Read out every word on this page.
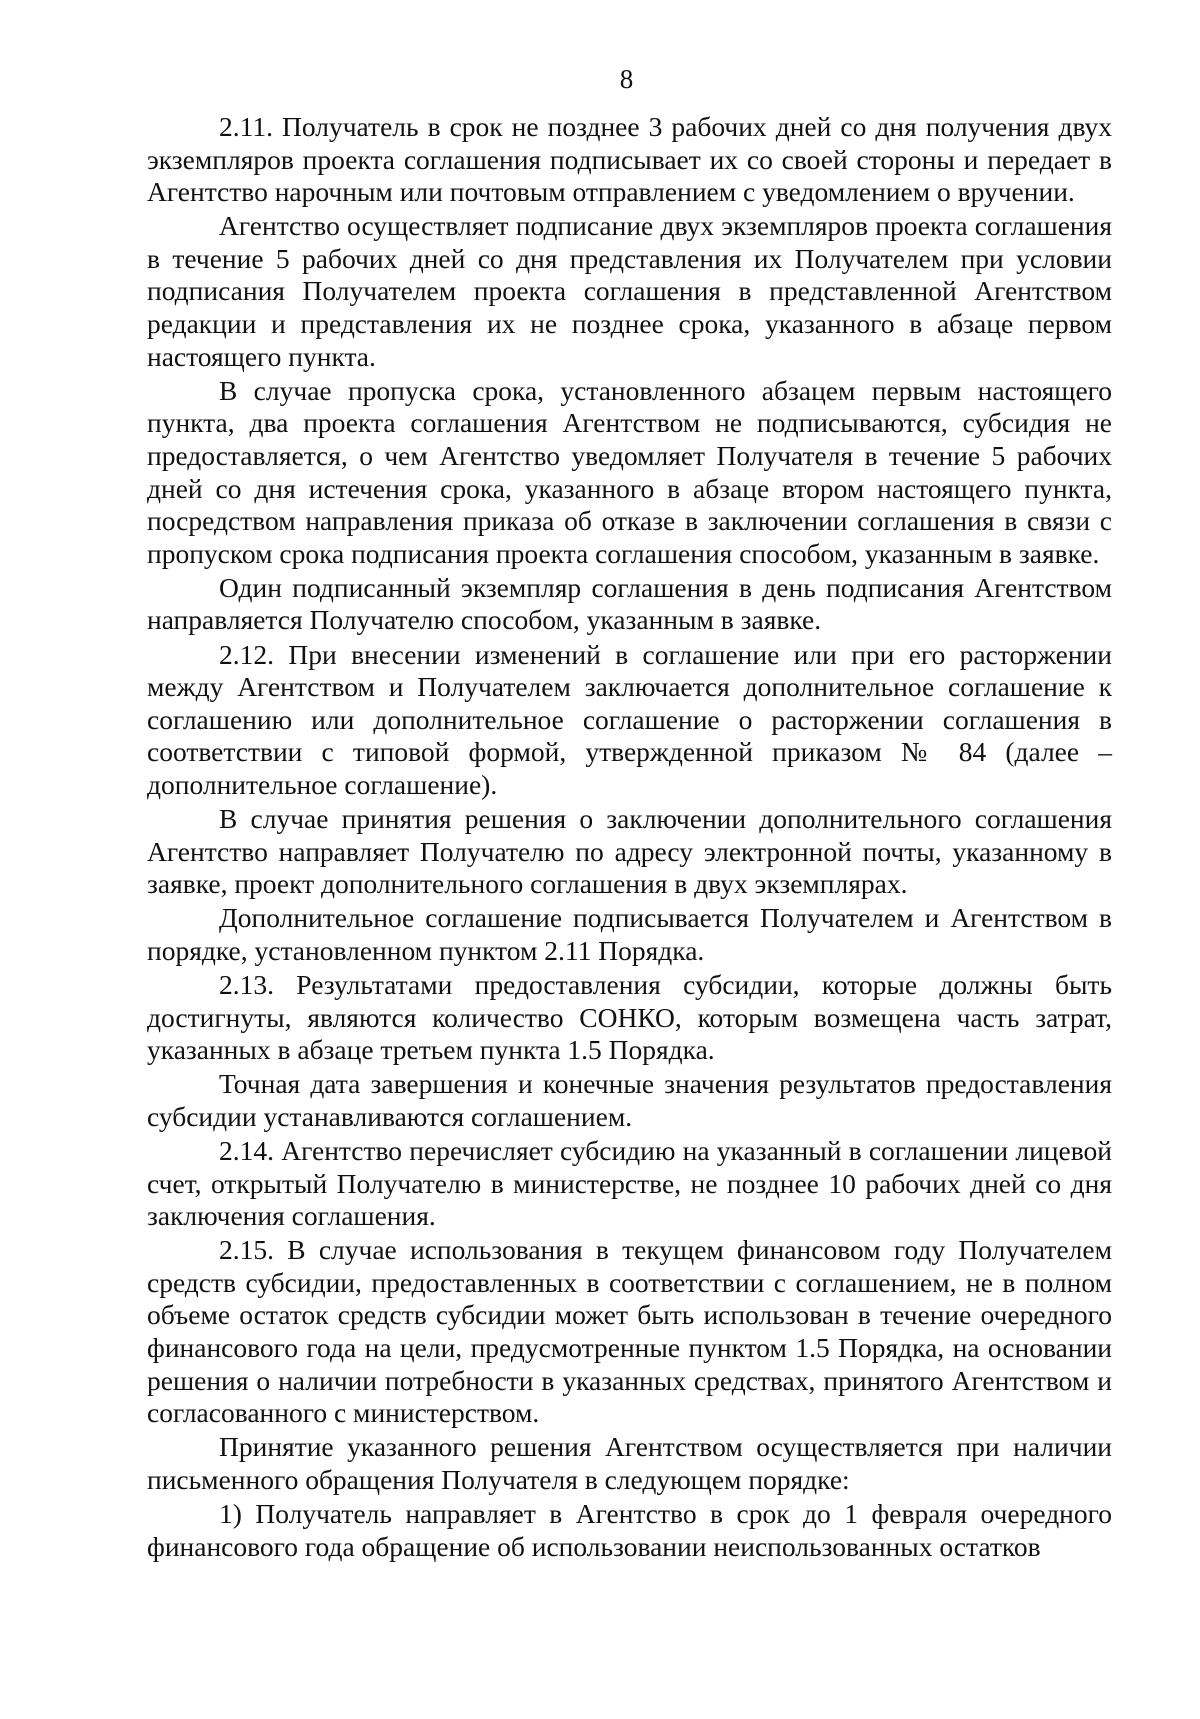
8

2.11. Получатель в срок не позднее 3 рабочих дней со дня получения двух экземпляров проекта соглашения подписывает их со своей стороны и передает в Агентство нарочным или почтовым отправлением с уведомлением о вручении.

Агентство осуществляет подписание двух экземпляров проекта соглашения в течение 5 рабочих дней со дня представления их Получателем при условии подписания Получателем проекта соглашения в представленной Агентством редакции и представления их не позднее срока, указанного в абзаце первом настоящего пункта.

В случае пропуска срока, установленного абзацем первым настоящего пункта, два проекта соглашения Агентством не подписываются, субсидия не предоставляется, о чем Агентство уведомляет Получателя в течение 5 рабочих дней со дня истечения срока, указанного в абзаце втором настоящего пункта, посредством направления приказа об отказе в заключении соглашения в связи с пропуском срока подписания проекта соглашения способом, указанным в заявке.

Один подписанный экземпляр соглашения в день подписания Агентством направляется Получателю способом, указанным в заявке.

2.12. При внесении изменений в соглашение или при его расторжении между Агентством и Получателем заключается дополнительное соглашение к соглашению или дополнительное соглашение о расторжении соглашения в соответствии с типовой формой, утвержденной приказом № 84 (далее – дополнительное соглашение).

В случае принятия решения о заключении дополнительного соглашения Агентство направляет Получателю по адресу электронной почты, указанному в заявке, проект дополнительного соглашения в двух экземплярах.

Дополнительное соглашение подписывается Получателем и Агентством в порядке, установленном пунктом 2.11 Порядка.

2.13. Результатами предоставления субсидии, которые должны быть достигнуты, являются количество СОНКО, которым возмещена часть затрат, указанных в абзаце третьем пункта 1.5 Порядка.

Точная дата завершения и конечные значения результатов предоставления субсидии устанавливаются соглашением.

2.14. Агентство перечисляет субсидию на указанный в соглашении лицевой счет, открытый Получателю в министерстве, не позднее 10 рабочих дней со дня заключения соглашения.

2.15. В случае использования в текущем финансовом году Получателем средств субсидии, предоставленных в соответствии с соглашением, не в полном объеме остаток средств субсидии может быть использован в течение очередного финансового года на цели, предусмотренные пунктом 1.5 Порядка, на основании решения о наличии потребности в указанных средствах, принятого Агентством и согласованного с министерством.

Принятие указанного решения Агентством осуществляется при наличии письменного обращения Получателя в следующем порядке:

1) Получатель направляет в Агентство в срок до 1 февраля очередного финансового года обращение об использовании неиспользованных остатков
